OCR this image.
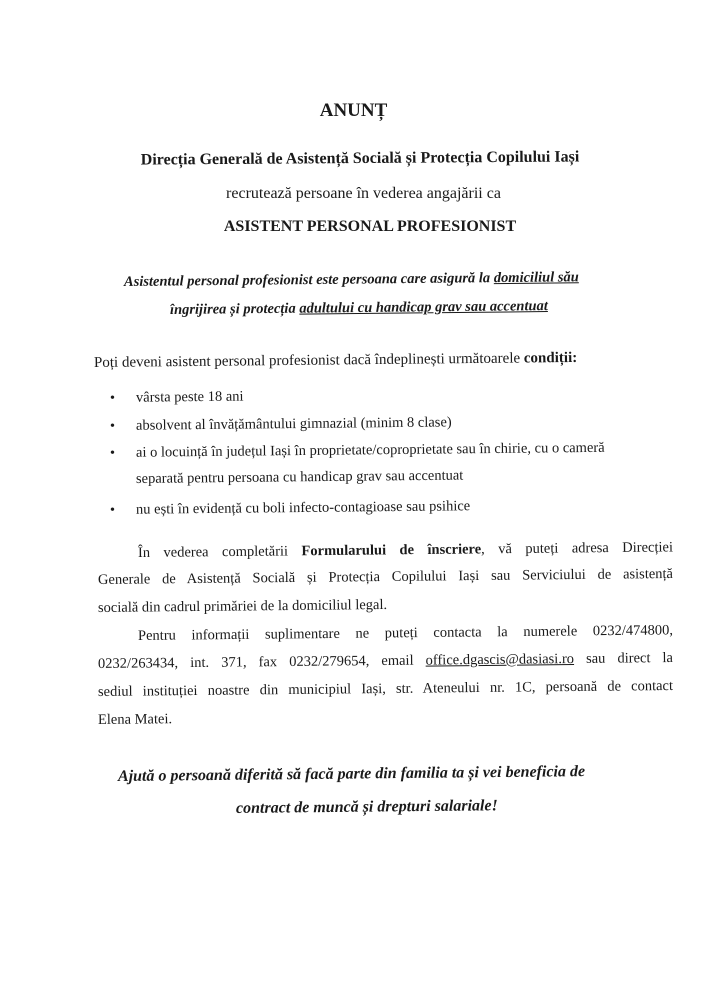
ANUNȚ
Direcția Generală de Asistență Socială și Protecția Copilului Iași
recrutează persoane în vederea angajării ca
ASISTENT PERSONAL PROFESIONIST
Asistentul personal profesionist este persoana care asigură la domiciliul său
îngrijirea și protecția adultului cu handicap grav sau accentuat
Poți deveni asistent personal profesionist dacă îndeplinești următoarele condiții:
• vârsta peste 18 ani
• absolvent al învățământului gimnazial (minim 8 clase)
• ai o locuință în județul Iași în proprietate/coproprietate sau în chirie, cu o cameră
separată pentru persoana cu handicap grav sau accentuat
• nu ești în evidență cu boli infecto-contagioase sau psihice
În vederea completării Formularului de înscriere, vă puteți adresa Direcției
Generale de Asistență Socială și Protecția Copilului Iași sau Serviciului de asistență
socială din cadrul primăriei de la domiciliul legal.
Pentru informații suplimentare ne puteți contacta la numerele 0232/474800,
0232/263434, int. 371, fax 0232/279654, email office.dgascis@dasiasi.ro sau direct la
sediul instituției noastre din municipiul Iași, str. Ateneului nr. 1C, persoană de contact
Elena Matei.
Ajută o persoană diferită să facă parte din familia ta și vei beneficia de
contract de muncă și drepturi salariale!
